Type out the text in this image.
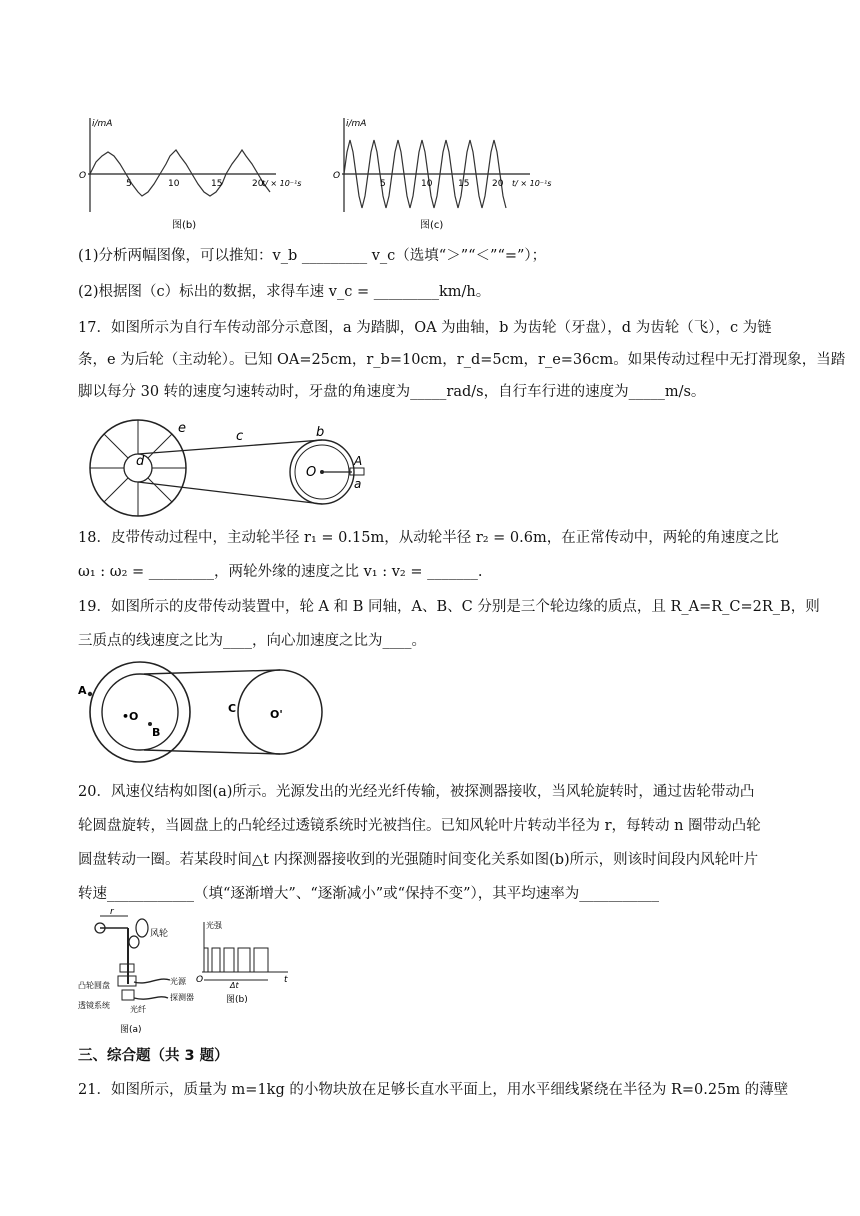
i/mA
O
5	10	15	20
t/ × 10⁻¹s
图(b)
i/mA
O
5	10	15	20 t/ × 10⁻¹s
图(c)
(1)分析两幅图像，可以推知：v_b _________ v_c（选填“＞”“＜”“=”）；
(2)根据图（c）标出的数据，求得车速 v_c = _________km/h。
17．如图所示为自行车传动部分示意图，a 为踏脚，OA 为曲轴，b 为齿轮（牙盘），d 为齿轮（飞），c 为链
条，e 为后轮（主动轮）。已知 OA=25cm，r_b=10cm，r_d=5cm，r_e=36cm。如果传动过程中无打滑现象，当踏
脚以每分 30 转的速度匀速转动时，牙盘的角速度为_____rad/s，自行车行进的速度为_____m/s。
d
e
c	b
O
A
a
18．皮带传动过程中，主动轮半径 r₁ = 0.15m，从动轮半径 r₂ = 0.6m，在正常传动中，两轮的角速度之比
ω₁ : ω₂ = _________，两轮外缘的速度之比 v₁ : v₂ = _______.
19．如图所示的皮带传动装置中，轮 A 和 B 同轴，A、B、C 分别是三个轮边缘的质点，且 R_A=R_C=2R_B，则
三质点的线速度之比为____，向心加速度之比为____。
A
•O
B
C	O'
20．风速仪结构如图(a)所示。光源发出的光经光纤传输，被探测器接收，当风轮旋转时，通过齿轮带动凸
轮圆盘旋转，当圆盘上的凸轮经过透镜系统时光被挡住。已知风轮叶片转动半径为 r，每转动 n 圈带动凸轮
圆盘转动一圈。若某段时间△t 内探测器接收到的光强随时间变化关系如图(b)所示，则该时间段内风轮叶片
转速____________（填“逐渐增大”、“逐渐减小”或“保持不变”），其平均速率为___________
r
风轮
凸轮圆盘	光源
探测器
透镜系统	光纤
图(a)
光强
O
Δt
t
图(b)
三、综合题（共 3 题）
21．如图所示，质量为 m=1kg 的小物块放在足够长直水平面上，用水平细线紧绕在半径为 R=0.25m 的薄壁
